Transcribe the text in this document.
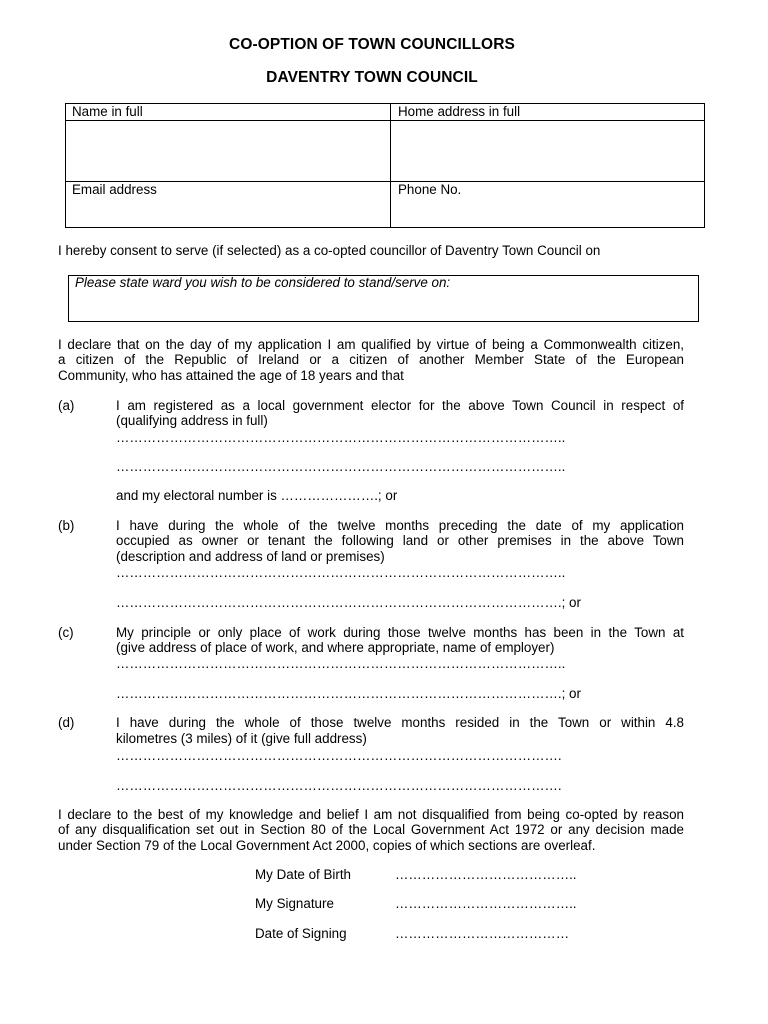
CO-OPTION OF TOWN COUNCILLORS
DAVENTRY TOWN COUNCIL
Name in full	Home address in full
Email address	Phone No.
I hereby consent to serve (if selected) as a co-opted councillor of Daventry Town Council on
Please state ward you wish to be considered to stand/serve on:
I declare that on the day of my application I am qualified by virtue of being a Commonwealth citizen,
a citizen of the Republic of Ireland or a citizen of another Member State of the European
Community, who has attained the age of 18 years and that
(a)	I am registered as a local government elector for the above Town Council in respect of
(qualifying address in full)
………………………………………………………………………………………..
………………………………………………………………………………………..
and my electoral number is ………………….; or
(b)	I have during the whole of the twelve months preceding the date of my application
occupied as owner or tenant the following land or other premises in the above Town
(description and address of land or premises)
………………………………………………………………………………………..
……………………………………………………………………………………….; or
(c)	My principle or only place of work during those twelve months has been in the Town at
(give address of place of work, and where appropriate, name of employer)
………………………………………………………………………………………..
……………………………………………………………………………………….; or
(d)	I have during the whole of those twelve months resided in the Town or within 4.8
kilometres (3 miles) of it (give full address)
……………………………………………………………………………………….
……………………………………………………………………………………….
I declare to the best of my knowledge and belief I am not disqualified from being co-opted by reason
of any disqualification set out in Section 80 of the Local Government Act 1972 or any decision made
under Section 79 of the Local Government Act 2000, copies of which sections are overleaf.
My Date of Birth	…………………………………..
My Signature	…………………………………..
Date of Signing	…………………………………
